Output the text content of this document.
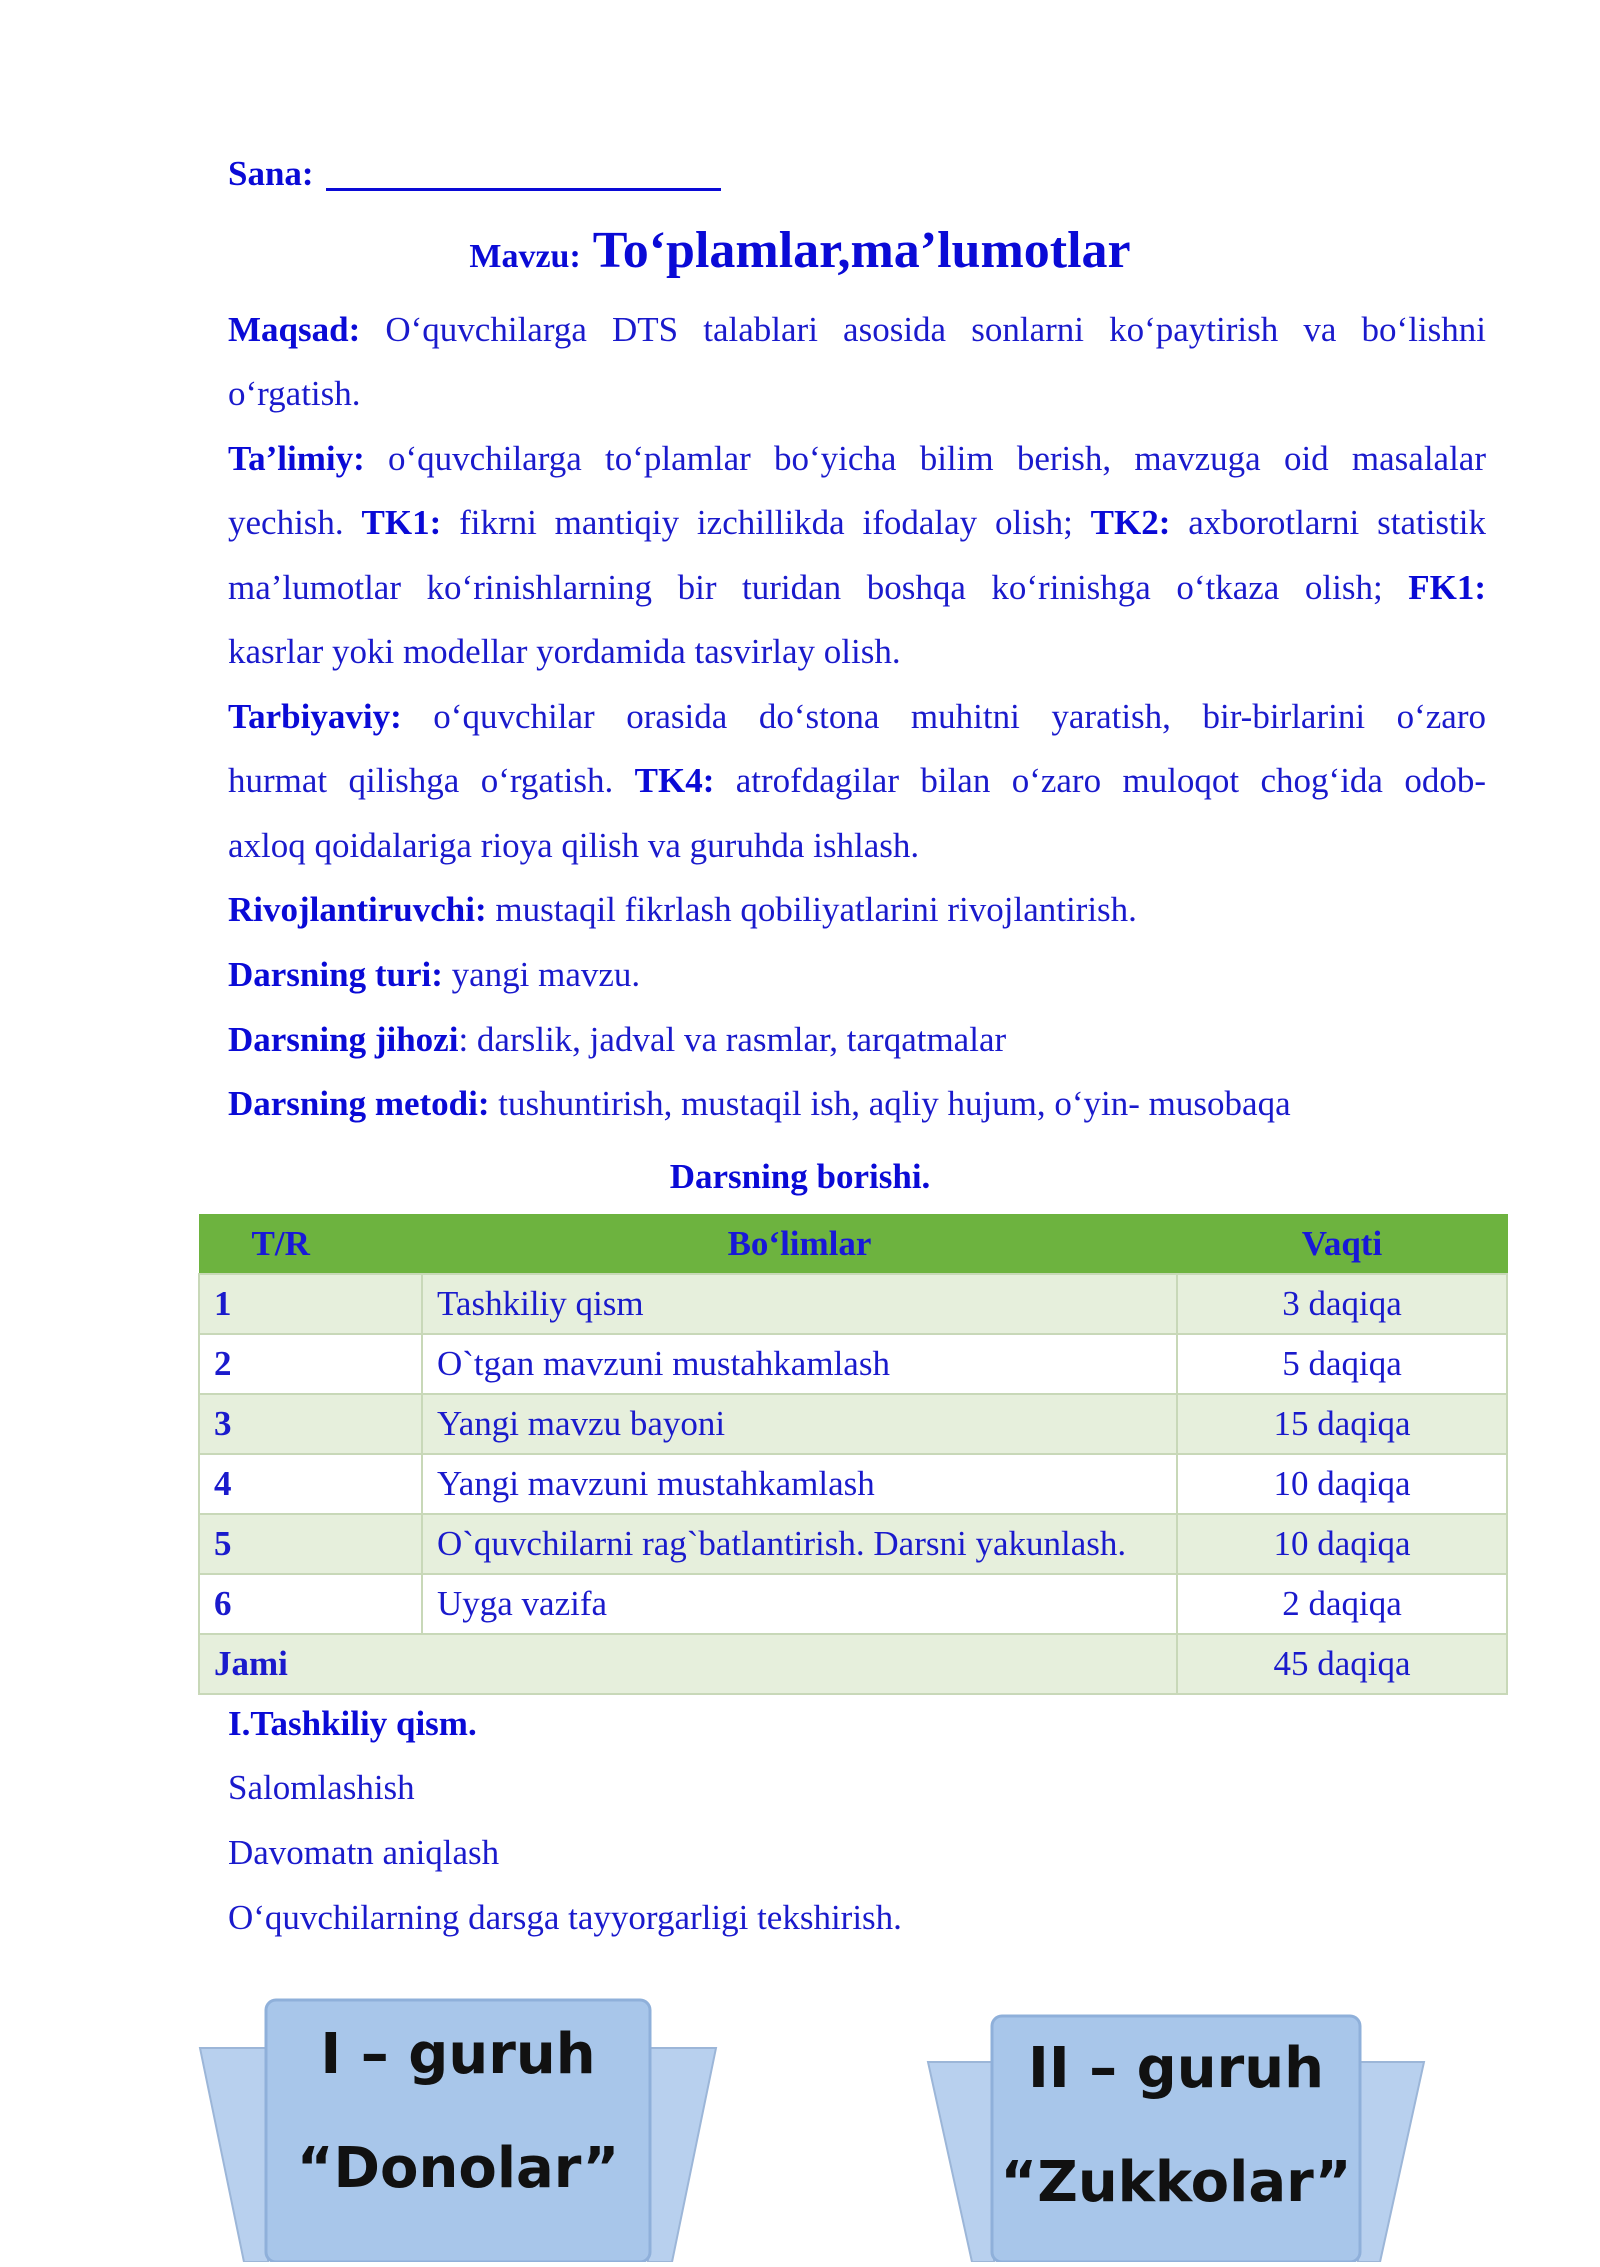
Sana:
Mavzu: To‘plamlar,ma’lumotlar
Maqsad: O‘quvchilarga DTS talablari asosida sonlarni ko‘paytirish va bo‘lishni
o‘rgatish.
Ta’limiy: o‘quvchilarga to‘plamlar bo‘yicha bilim berish, mavzuga oid masalalar
yechish. TK1: fikrni mantiqiy izchillikda ifodalay olish; TK2: axborotlarni statistik
ma’lumotlar ko‘rinishlarning bir turidan boshqa ko‘rinishga o‘tkaza olish; FK1:
kasrlar yoki modellar yordamida tasvirlay olish.
Tarbiyaviy: o‘quvchilar orasida do‘stona muhitni yaratish, bir-birlarini o‘zaro
hurmat qilishga o‘rgatish. TK4: atrofdagilar bilan o‘zaro muloqot chog‘ida odob-
axloq qoidalariga rioya qilish va guruhda ishlash.
Rivojlantiruvchi: mustaqil fikrlash qobiliyatlarini rivojlantirish.
Darsning turi: yangi mavzu.
Darsning jihozi: darslik, jadval va rasmlar, tarqatmalar
Darsning metodi: tushuntirish, mustaqil ish, aqliy hujum, o‘yin- musobaqa
Darsning borishi.
T/R	Bo‘limlar	Vaqti
1	Tashkiliy qism	3 daqiqa
2	O`tgan mavzuni mustahkamlash	5 daqiqa
3	Yangi mavzu bayoni	15 daqiqa
4	Yangi mavzuni mustahkamlash	10 daqiqa
5	O`quvchilarni rag`batlantirish. Darsni yakunlash.	10 daqiqa
6	Uyga vazifa	2 daqiqa
Jami		45 daqiqa
I.Tashkiliy qism.
Salomlashish
Davomatn aniqlash
O‘quvchilarning darsga tayyorgarligi tekshirish.
I – guruh
“Donolar”
II – guruh
“Zukkolar”
